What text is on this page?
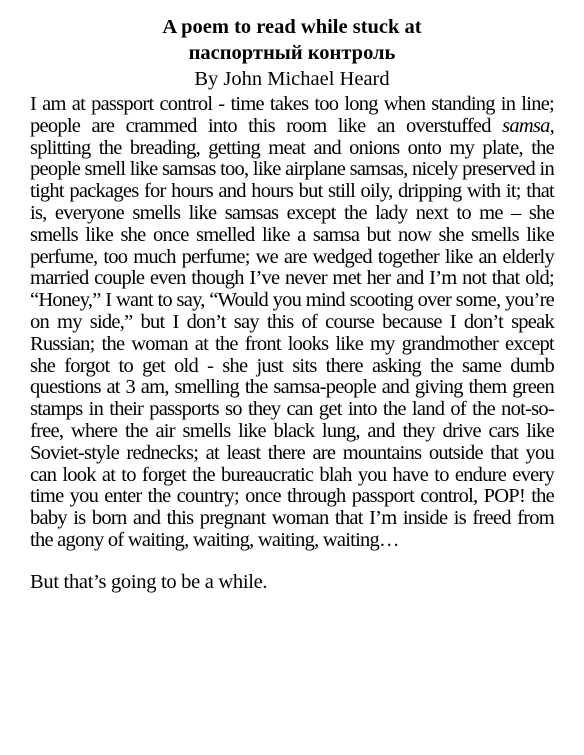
A poem to read while stuck at

паспортный контроль

By John Michael Heard

I am at passport control - time takes too long when standing in line; people are crammed into this room like an overstuffed samsa, splitting the breading, getting meat and onions onto my plate, the people smell like samsas too, like airplane samsas, nicely preserved in tight packages for hours and hours but still oily, dripping with it; that is, everyone smells like samsas except the lady next to me – she smells like she once smelled like a samsa but now she smells like perfume, too much perfume; we are wedged together like an elderly married couple even though I’ve never met her and I’m not that old; “Honey,” I want to say, “Would you mind scooting over some, you’re on my side,” but I don’t say this of course because I don’t speak Russian; the woman at the front looks like my grandmother except she forgot to get old - she just sits there asking the same dumb questions at 3 am, smelling the samsa-people and giving them green stamps in their passports so they can get into the land of the not-so-free, where the air smells like black lung, and they drive cars like Soviet-style rednecks; at least there are mountains outside that you can look at to forget the bureaucratic blah you have to endure every time you enter the country; once through passport control, POP! the baby is born and this pregnant woman that I’m inside is freed from the agony of waiting, waiting, waiting, waiting…

But that’s going to be a while.
